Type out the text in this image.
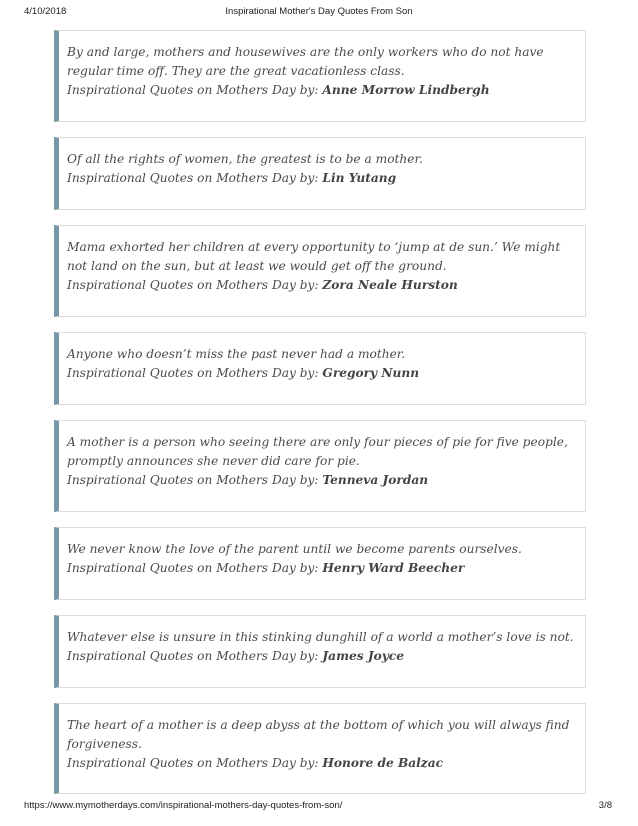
4/10/2018	Inspirational Mother's Day Quotes From Son
By and large, mothers and housewives are the only workers who do not have regular time off. They are the great vacationless class.
Inspirational Quotes on Mothers Day by: Anne Morrow Lindbergh
Of all the rights of women, the greatest is to be a mother.
Inspirational Quotes on Mothers Day by: Lin Yutang
Mama exhorted her children at every opportunity to ‘jump at de sun.’ We might not land on the sun, but at least we would get off the ground.
Inspirational Quotes on Mothers Day by: Zora Neale Hurston
Anyone who doesn’t miss the past never had a mother.
Inspirational Quotes on Mothers Day by: Gregory Nunn
A mother is a person who seeing there are only four pieces of pie for five people, promptly announces she never did care for pie.
Inspirational Quotes on Mothers Day by: Tenneva Jordan
We never know the love of the parent until we become parents ourselves.
Inspirational Quotes on Mothers Day by: Henry Ward Beecher
Whatever else is unsure in this stinking dunghill of a world a mother’s love is not.
Inspirational Quotes on Mothers Day by: James Joyce
The heart of a mother is a deep abyss at the bottom of which you will always find forgiveness.
Inspirational Quotes on Mothers Day by: Honore de Balzac
https://www.mymotherdays.com/inspirational-mothers-day-quotes-from-son/	3/8
